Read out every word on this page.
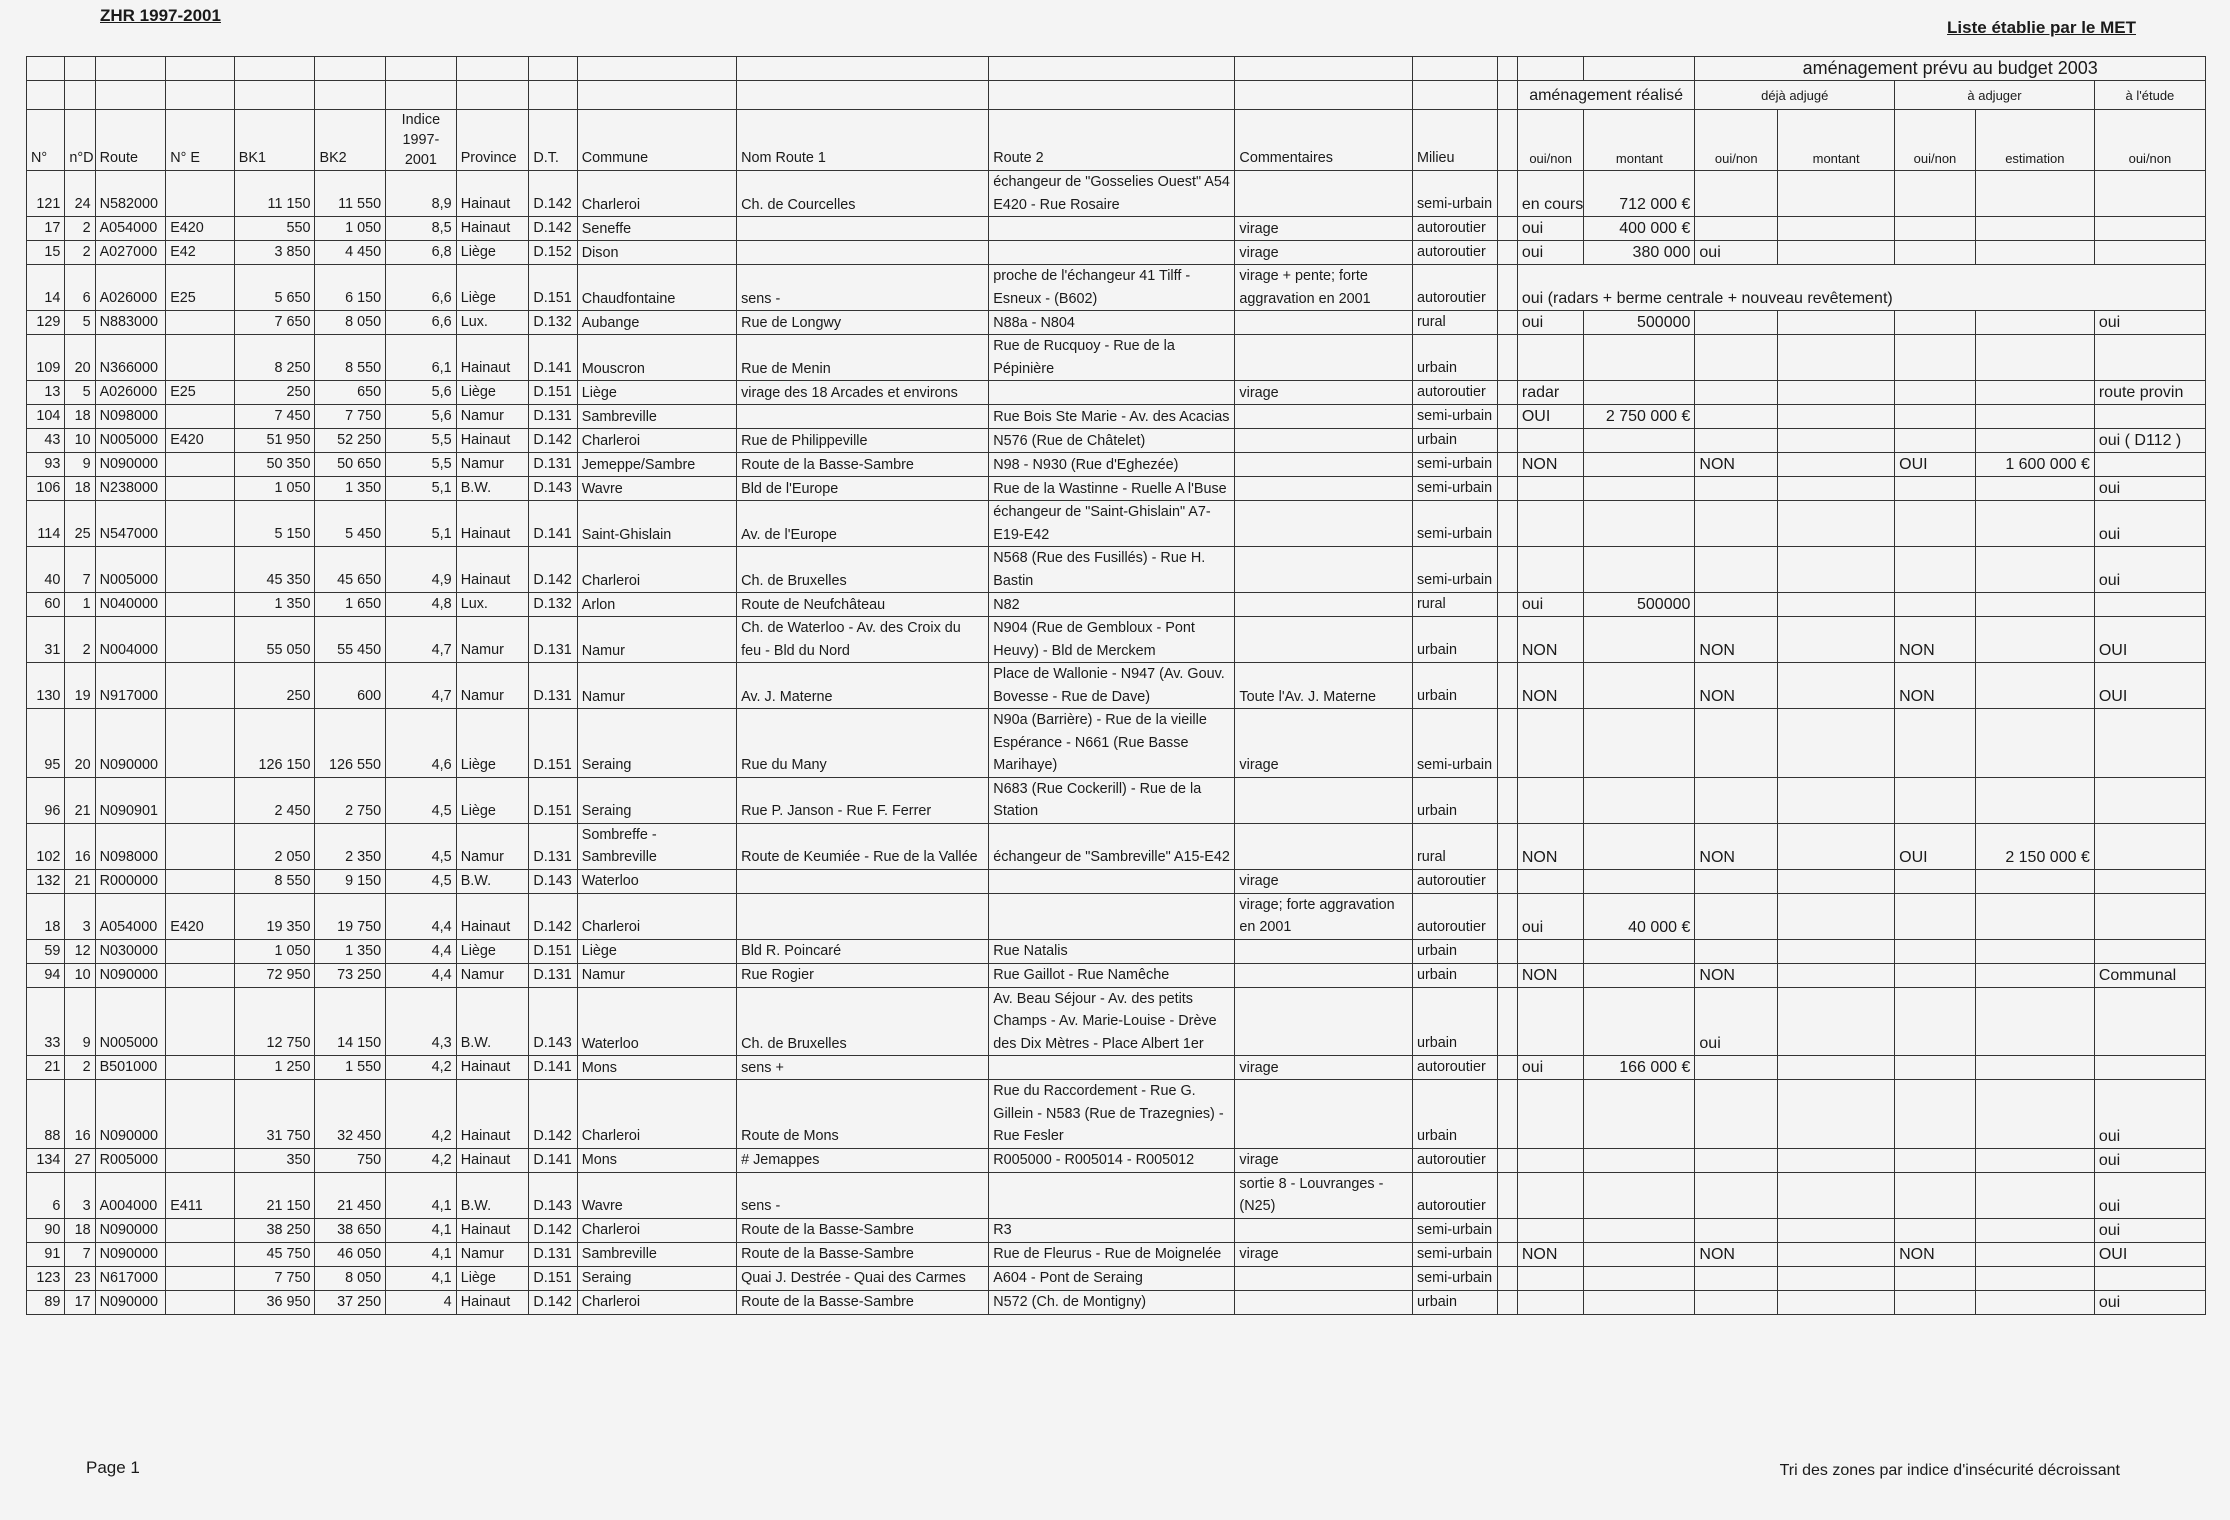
ZHR 1997-2001
Liste établie par le MET
																	aménagement prévu au budget 2003				
															aménagement réalisé		déjà adjugé		à adjuger		à l'étude
N°	n°D	Route	N° E	BK1	BK2	Indice 1997-2001	Province	D.T.	Commune	Nom Route 1	Route 2	Commentaires	Milieu		oui/non	montant	oui/non	montant	oui/non	estimation	oui/non
121	24	N582000		11 150	11 550	8,9	Hainaut	D.142	Charleroi	Ch. de Courcelles	échangeur de "Gosselies Ouest" A54 E420 - Rue Rosaire		semi-urbain		en cours	712 000 €					
17	2	A054000	E420	550	1 050	8,5	Hainaut	D.142	Seneffe			virage	autoroutier		oui	400 000 €					
15	2	A027000	E42	3 850	4 450	6,8	Liège	D.152	Dison			virage	autoroutier		oui	380 000	oui				
14	6	A026000	E25	5 650	6 150	6,6	Liège	D.151	Chaudfontaine	sens -	proche de l'échangeur 41 Tilff - Esneux - (B602)	virage + pente; forte aggravation en 2001	autoroutier		oui (radars + berme centrale + nouveau revêtement)						
129	5	N883000		7 650	8 050	6,6	Lux.	D.132	Aubange	Rue de Longwy	N88a - N804		rural		oui	500000					oui
109	20	N366000		8 250	8 550	6,1	Hainaut	D.141	Mouscron	Rue de Menin	Rue de Rucquoy - Rue de la Pépinière		urbain								
13	5	A026000	E25	250	650	5,6	Liège	D.151	Liège	virage des 18 Arcades et environs		virage	autoroutier		radar						route provin
104	18	N098000		7 450	7 750	5,6	Namur	D.131	Sambreville		Rue Bois Ste Marie - Av. des Acacias		semi-urbain		OUI	2 750 000 €					
43	10	N005000	E420	51 950	52 250	5,5	Hainaut	D.142	Charleroi	Rue de Philippeville	N576 (Rue de Châtelet)		urbain								oui ( D112 )
93	9	N090000		50 350	50 650	5,5	Namur	D.131	Jemeppe/Sambre	Route de la Basse-Sambre	N98 - N930 (Rue d'Eghezée)		semi-urbain		NON		NON		OUI	1 600 000 €	
106	18	N238000		1 050	1 350	5,1	B.W.	D.143	Wavre	Bld de l'Europe	Rue de la Wastinne - Ruelle A l'Buse		semi-urbain								oui
114	25	N547000		5 150	5 450	5,1	Hainaut	D.141	Saint-Ghislain	Av. de l'Europe	échangeur de "Saint-Ghislain" A7-E19-E42		semi-urbain								oui
40	7	N005000		45 350	45 650	4,9	Hainaut	D.142	Charleroi	Ch. de Bruxelles	N568 (Rue des Fusillés) - Rue H. Bastin		semi-urbain								oui
60	1	N040000		1 350	1 650	4,8	Lux.	D.132	Arlon	Route de Neufchâteau	N82		rural		oui	500000					
31	2	N004000		55 050	55 450	4,7	Namur	D.131	Namur	Ch. de Waterloo - Av. des Croix du feu - Bld du Nord	N904 (Rue de Gembloux - Pont Heuvy) - Bld de Merckem		urbain		NON		NON		NON		OUI
130	19	N917000		250	600	4,7	Namur	D.131	Namur	Av. J. Materne	Place de Wallonie - N947 (Av. Gouv. Bovesse - Rue de Dave)	Toute l'Av. J. Materne	urbain		NON		NON		NON		OUI
95	20	N090000		126 150	126 550	4,6	Liège	D.151	Seraing	Rue du Many	N90a (Barrière) - Rue de la vieille Espérance - N661 (Rue Basse Marihaye)	virage	semi-urbain								
96	21	N090901		2 450	2 750	4,5	Liège	D.151	Seraing	Rue P. Janson - Rue F. Ferrer	N683 (Rue Cockerill) - Rue de la Station		urbain								
102	16	N098000		2 050	2 350	4,5	Namur	D.131	Sombreffe - Sambreville	Route de Keumiée - Rue de la Vallée	échangeur de "Sambreville" A15-E42		rural		NON		NON		OUI	2 150 000 €	
132	21	R000000		8 550	9 150	4,5	B.W.	D.143	Waterloo			virage	autoroutier								
18	3	A054000	E420	19 350	19 750	4,4	Hainaut	D.142	Charleroi			virage; forte aggravation en 2001	autoroutier		oui	40 000 €					
59	12	N030000		1 050	1 350	4,4	Liège	D.151	Liège	Bld R. Poincaré	Rue Natalis		urbain								
94	10	N090000		72 950	73 250	4,4	Namur	D.131	Namur	Rue Rogier	Rue Gaillot - Rue Namêche		urbain		NON		NON				Communal
33	9	N005000		12 750	14 150	4,3	B.W.	D.143	Waterloo	Ch. de Bruxelles	Av. Beau Séjour - Av. des petits Champs - Av. Marie-Louise - Drève des Dix Mètres - Place Albert 1er		urbain				oui				
21	2	B501000		1 250	1 550	4,2	Hainaut	D.141	Mons	sens +		virage	autoroutier		oui	166 000 €					
88	16	N090000		31 750	32 450	4,2	Hainaut	D.142	Charleroi	Route de Mons	Rue du Raccordement - Rue G. Gillein - N583 (Rue de Trazegnies) - Rue Fesler		urbain								oui
134	27	R005000		350	750	4,2	Hainaut	D.141	Mons	# Jemappes	R005000 - R005014 - R005012	virage	autoroutier								oui
6	3	A004000	E411	21 150	21 450	4,1	B.W.	D.143	Wavre	sens -		sortie 8 - Louvranges - (N25)	autoroutier								oui
90	18	N090000		38 250	38 650	4,1	Hainaut	D.142	Charleroi	Route de la Basse-Sambre	R3		semi-urbain								oui
91	7	N090000		45 750	46 050	4,1	Namur	D.131	Sambreville	Route de la Basse-Sambre	Rue de Fleurus - Rue de Moignelée	virage	semi-urbain		NON		NON		NON		OUI
123	23	N617000		7 750	8 050	4,1	Liège	D.151	Seraing	Quai J. Destrée - Quai des Carmes	A604 - Pont de Seraing		semi-urbain								
89	17	N090000		36 950	37 250	4	Hainaut	D.142	Charleroi	Route de la Basse-Sambre	N572 (Ch. de Montigny)		urbain								oui
Page 1	Tri des zones par indice d'insécurité décroissant
